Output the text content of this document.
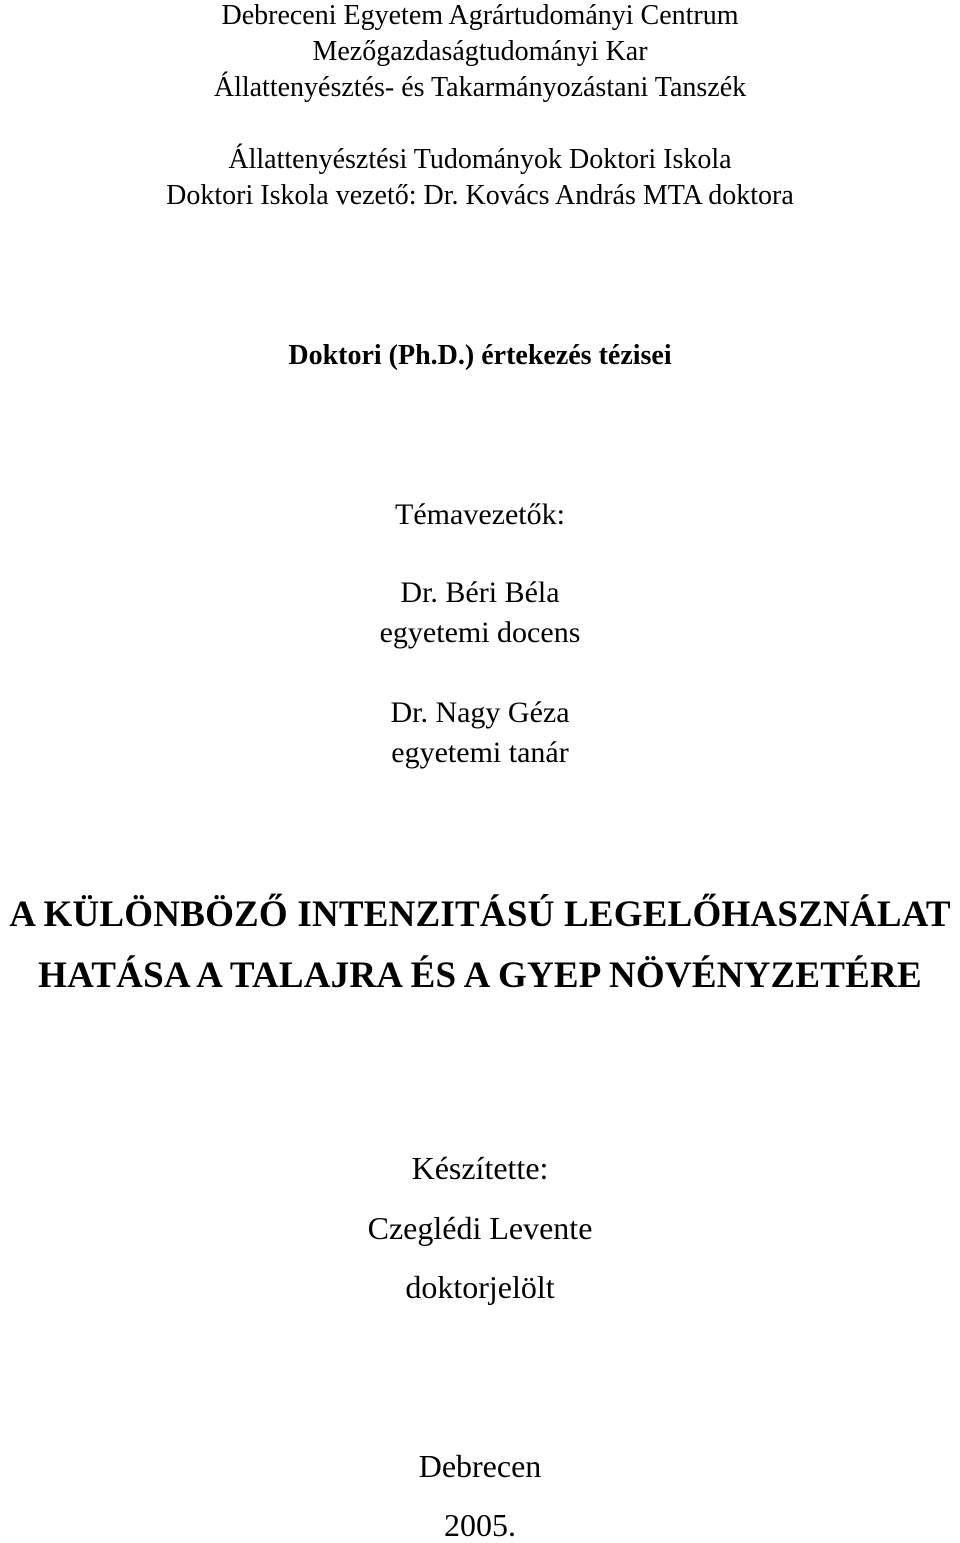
Debreceni Egyetem Agrártudományi Centrum
Mezőgazdaságtudományi Kar
Állattenyésztés- és Takarmányozástani Tanszék
Állattenyésztési Tudományok Doktori Iskola
Doktori Iskola vezető: Dr. Kovács András MTA doktora
Doktori (Ph.D.) értekezés tézisei
Témavezetők:
Dr. Béri Béla
egyetemi docens
Dr. Nagy Géza
egyetemi tanár
A KÜLÖNBÖZŐ INTENZITÁSÚ LEGELŐHASZNÁLAT
HATÁSA A TALAJRA ÉS A GYEP NÖVÉNYZETÉRE
Készítette:
Czeglédi Levente
doktorjelölt
Debrecen
2005.
